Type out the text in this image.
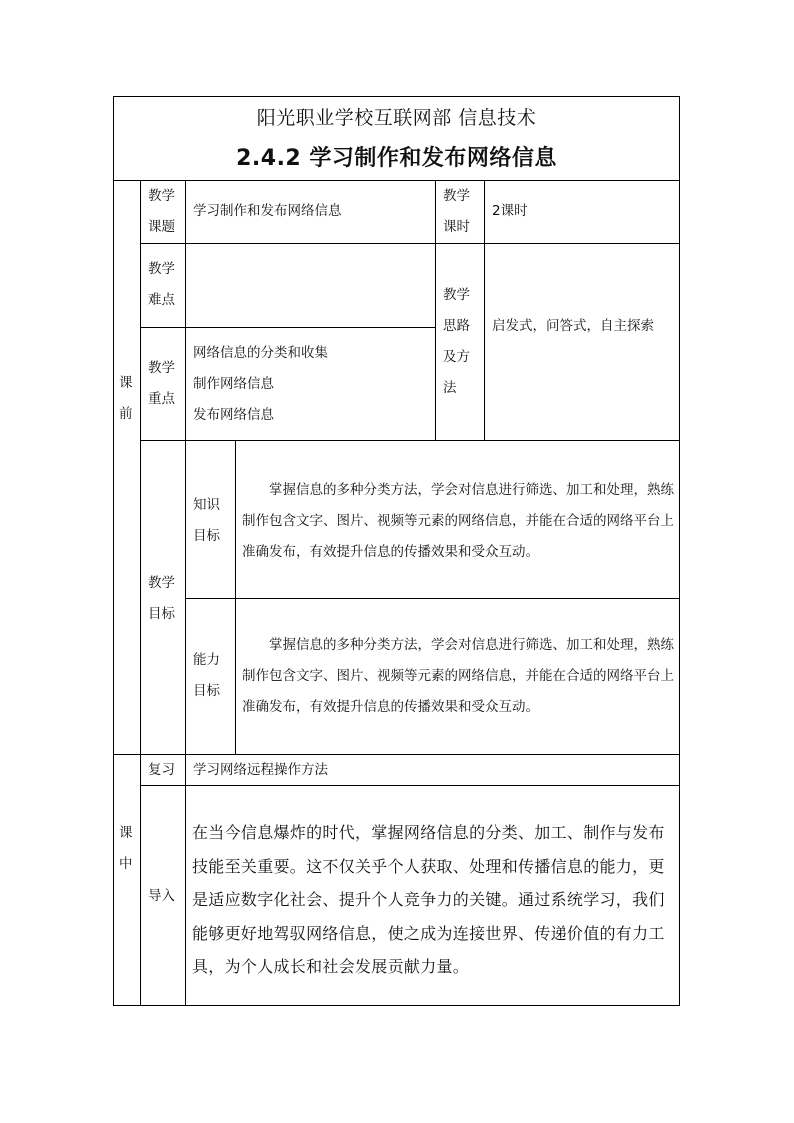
阳光职业学校互联网部 信息技术
2.4.2 学习制作和发布网络信息
课
前
教学
课题
学习制作和发布网络信息
教学
课时
2课时
教学
难点	教学
思路
及方
法
启发式，问答式，自主探索
教学
重点
网络信息的分类和收集
制作网络信息
发布网络信息
教学
目标
知识
目标
掌握信息的多种分类方法，学会对信息进行筛选、加工和处理，熟练制作包含文字、图片、视频等元素的网络信息，并能在合适的网络平台上准确发布，有效提升信息的传播效果和受众互动。
能力
目标
掌握信息的多种分类方法，学会对信息进行筛选、加工和处理，熟练制作包含文字、图片、视频等元素的网络信息，并能在合适的网络平台上准确发布，有效提升信息的传播效果和受众互动。
课
中
复习 学习网络远程操作方法
导入
在当今信息爆炸的时代，掌握网络信息的分类、加工、制作与发布技能至关重要。这不仅关乎个人获取、处理和传播信息的能力，更是适应数字化社会、提升个人竞争力的关键。通过系统学习，我们能够更好地驾驭网络信息，使之成为连接世界、传递价值的有力工具，为个人成长和社会发展贡献力量。
